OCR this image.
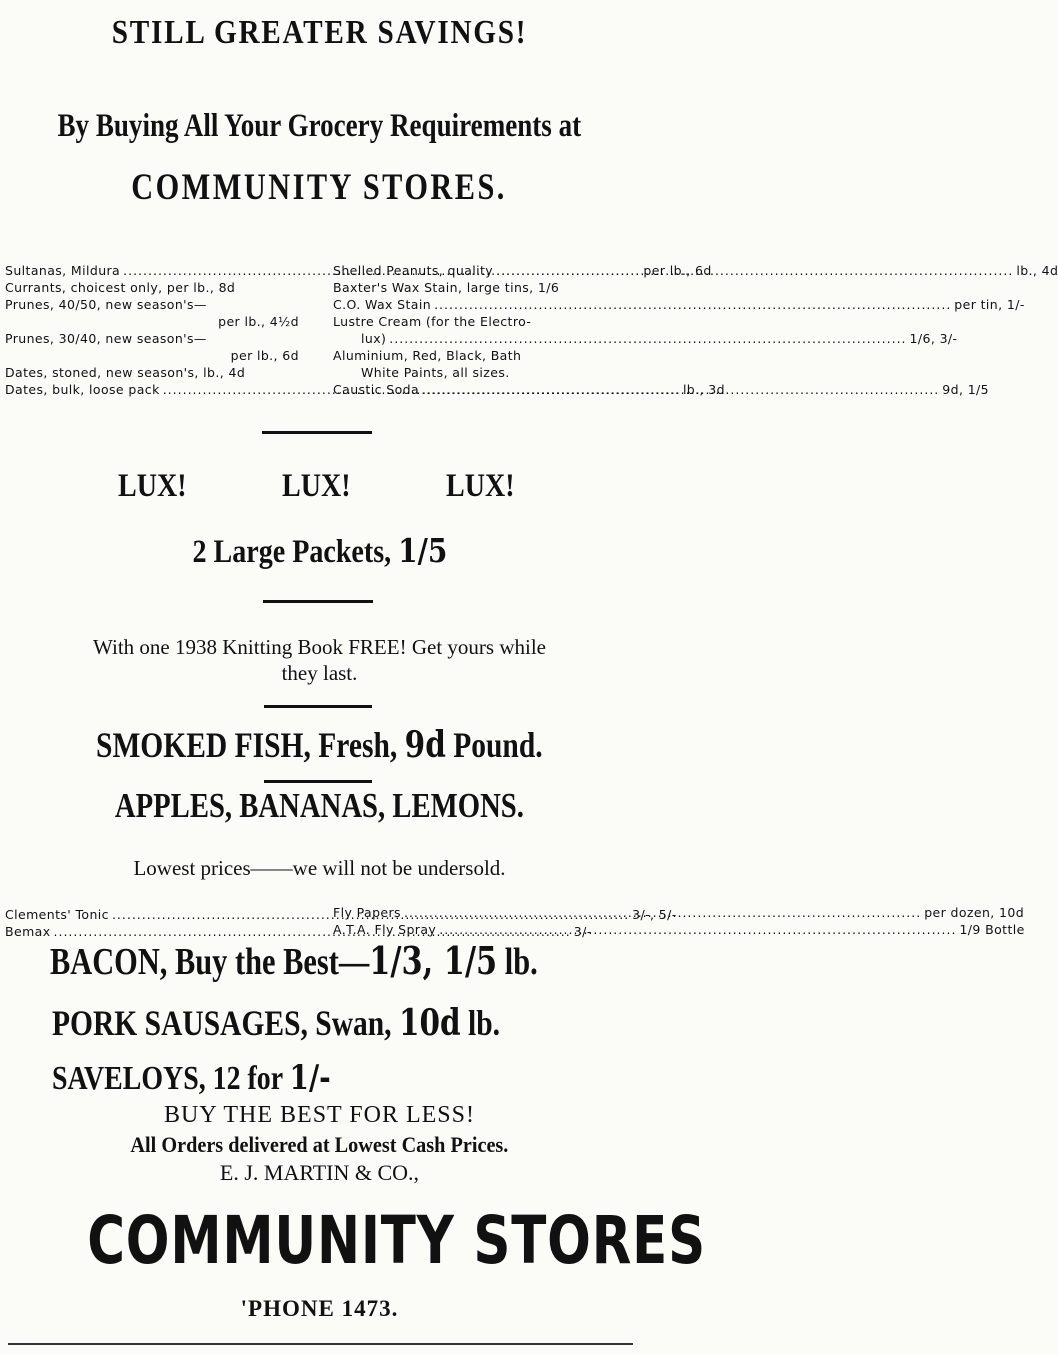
STILL GREATER SAVINGS!
By Buying All Your Grocery Requirements at
COMMUNITY STORES.
Sultanas, Mildura .....	per lb., 6d
Currants, choicest only, per lb., 8d
Prunes, 40/50, new season's—
per lb., 4½d
Prunes, 30/40, new season's—
per lb., 6d
Dates, stoned, new season's, lb., 4d
Dates, bulk, loose pack .....	lb., 3d
Shelled Peanuts, quality .....	lb., 4d
Baxter's Wax Stain, large tins, 1/6
C.O. Wax Stain .....	per tin, 1/-
Lustre Cream (for the Electro-
lux) .....	1/6, 3/-
Aluminium, Red, Black, Bath
White Paints, all sizes.
Caustic Soda .....	9d, 1/5
LUX!	LUX!	LUX!
2 Large Packets, 1/5
With one 1938 Knitting Book FREE! Get yours while
they last.
SMOKED FISH, Fresh, 9d Pound.
APPLES, BANANAS, LEMONS.
Lowest prices——we will not be undersold.
Clements' Tonic .....	3/-, 5/-
Bemax .....	3/-
Fly Papers .....	per dozen, 10d
A.T.A. Fly Spray .....	1/9 Bottle
BACON, Buy the Best—1/3, 1/5 lb.
PORK SAUSAGES, Swan, 10d lb.
SAVELOYS, 12 for 1/-
BUY THE BEST FOR LESS!
All Orders delivered at Lowest Cash Prices.
E. J. MARTIN & CO.,
COMMUNITY STORES
'PHONE 1473.
